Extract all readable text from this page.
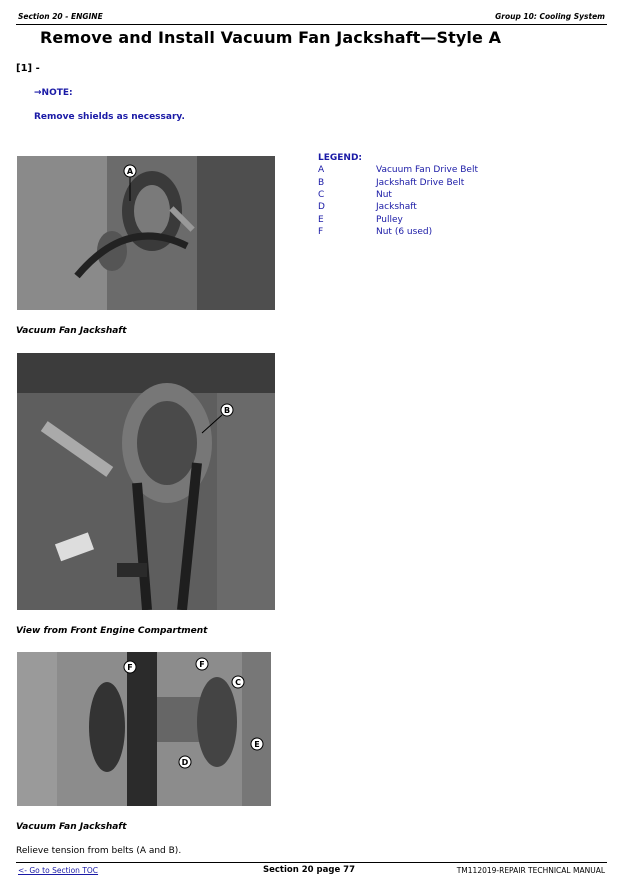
Section 20 - ENGINE	Group 10: Cooling System
Remove and Install Vacuum Fan Jackshaft—Style A
[1] -
→NOTE:
Remove shields as necessary.
A
Vacuum Fan Jackshaft
LEGEND:
A	Vacuum Fan Drive Belt
B	Jackshaft Drive Belt
C	Nut
D	Jackshaft
E	Pulley
F	Nut (6 used)
B
View from Front Engine Compartment
F	F
C
D
E
Vacuum Fan Jackshaft
Relieve tension from belts (A and B).
<- Go to Section TOC	Section 20 page 77	TM112019-REPAIR TECHNICAL MANUAL
